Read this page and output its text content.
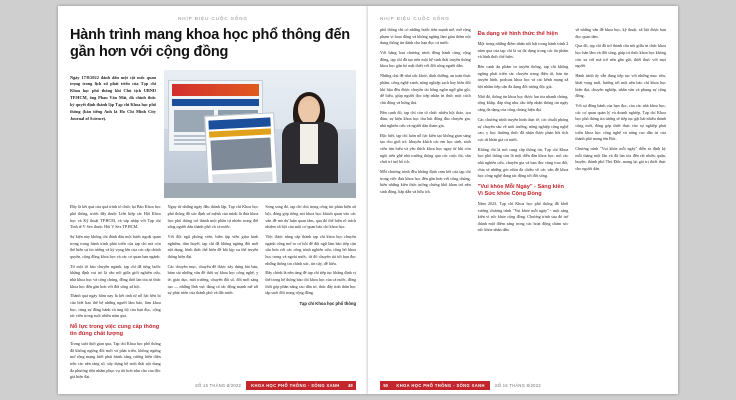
NHỊP ĐIỆU CUỘC SỐNG
Hành trình mang khoa học phổ thông đến gần hơn với cộng đồng

Ngày 17/8/2022 đánh dấu một cột mốc quan trọng trong lịch sử phát triển của Tạp chí Khoa học phổ thông khi Chủ tịch UBND TP.HCM, ông Phan Văn Mãi, đã chính thức ký quyết định thành lập Tạp chí Khoa học phổ thông (bản tiếng Anh là Ho Chi Minh City Journal of Science).

Đây là kết quả của quá trình tổ chức lại Báo Khoa học phổ thông, trước đây thuộc Liên hiệp các Hội Khoa học và Kỹ thuật TP.HCM, và sáp nhập với Tạp chí Tinh tế V Sex thuộc Hội V Sex TP.HCM.

Sự kiện này không chỉ đánh dấu một bước ngoặt quan trọng trong hành trình phát triển của tạp chí mà còn thể hiện sự tin tưởng và kỳ vọng lớn của các cấp chính quyền, cộng đồng khoa học và các cơ quan ban ngành.

Từ một tờ báo chuyên ngành, tạp chí đã từng bước khẳng định vai trò là cầu nối giữa giới nghiên cứu, nhà khoa học và công chúng, đồng thời lan tỏa tri thức khoa học đến gần hơn với đời sống xã hội.

Thành quả ngày hôm nay là kết tinh từ nỗ lực bền bỉ của biết bao thế hệ những người làm báo, làm khoa học, cùng sự đồng hành và ủng hộ của bạn đọc, cộng tác viên trong suốt nhiều năm qua.

Nỗ lực trong việc cung cấp thông tin đúng chất lượng

Trong suốt thời gian qua, Tạp chí Khoa học phổ thông đã không ngừng đổi mới và phát triển, không ngừng mở rộng mạng lưới phát hành, tăng cường hiện diện trên các nền tảng số, xây dựng hệ sinh thái nội dung đa phương tiện nhằm phục vụ tốt hơn nhu cầu của độc giả hiện đại.

Ngay từ những ngày đầu thành lập, Tạp chí Khoa học phổ thông đã xác định sứ mệnh của mình là đưa khoa học phổ thông trở thành một phần tự nhiên trong đời sống người dân thành phố và cả nước.

Với đội ngũ phóng viên, biên tập viên giàu kinh nghiệm, tâm huyết, tạp chí đã không ngừng đổi mới nội dung, hình thức thể hiện để bắt kịp xu thế truyền thông hiện đại.

Các chuyên mục, chuyên đề được xây dựng bài bản, bám sát những vấn đề thời sự khoa học công nghệ, y tế, giáo dục, môi trường, chuyển đổi số, đổi mới sáng tạo — những lĩnh vực đang có tác động mạnh mẽ tới sự phát triển của thành phố và đất nước.

Song song đó, tạp chí chú trọng công tác phản biện xã hội, đóng góp tiếng nói khoa học khách quan vào các vấn đề mà dư luận quan tâm, qua đó thể hiện rõ trách nhiệm xã hội của một cơ quan báo chí khoa học.

Việc được nâng cấp thành tạp chí khoa học chuyên ngành cũng mở ra cơ hội để đội ngũ làm báo tiếp cận sâu hơn với các công trình nghiên cứu, công bố khoa học trong và ngoài nước, từ đó chuyển tải tới bạn đọc những thông tin chính xác, tin cậy, dễ hiểu.

Đây chính là nền tảng để tạp chí tiếp tục khẳng định vị thế trong hệ thống báo chí khoa học của cả nước, đồng thời góp phần nâng cao dân trí, thúc đẩy tinh thần học tập suốt đời trong cộng đồng.

Tạp chí Khoa học phổ thông
SỐ 15 THÁNG 8/2022	KHOA HỌC PHỔ THÔNG - SỐNG XANH	49
NHỊP ĐIỆU CUỘC SỐNG

phổ thông chỉ có những bước tiến mạnh mẽ, mở rộng phạm vi hoạt động và không ngừng làm giàu thêm nội dung thông tin dành cho bạn đọc cả nước.

Với hàng loạt chương trình đồng hành cùng cộng đồng, tạp chí đã tạo nên một hệ sinh thái truyền thông khoa học gắn bó mật thiết với đời sống người dân.

Những chủ đề như sức khỏe, dinh dưỡng, an toàn thực phẩm, công nghệ xanh, nông nghiệp sạch hay biến đổi khí hậu đều được chuyển tải bằng ngôn ngữ gần gũi, dễ hiểu, giúp người đọc tiếp nhận tri thức một cách chủ động và hứng thú.

Bên cạnh đó, tạp chí còn tổ chức nhiều hội thảo, tọa đàm, sự kiện khoa học thu hút đông đảo chuyên gia, nhà nghiên cứu và người dân tham gia.

Đặc biệt, tạp chí luôn nỗ lực kiến tạo không gian sáng tạo cho giới trẻ, khuyến khích các em học sinh, sinh viên tìm hiểu và yêu thích khoa học ngay từ khi còn ngồi trên ghế nhà trường thông qua các cuộc thi, sân chơi trí tuệ bổ ích.

Mỗi chương trình đều khẳng định cam kết của tạp chí trong việc đưa khoa học đến gần hơn với công chúng, biến những kiến thức tưởng chừng khô khan trở nên sinh động, hấp dẫn và hữu ích.

Đa dạng về hình thức thể hiện

Một trong những điểm nhấn nổi bật trong hành trình 2 năm qua của tạp chí là sự đa dạng trong các ấn phẩm và hình thức thể hiện.

Bên cạnh ấn phẩm in truyền thống, tạp chí không ngừng phát triển các chuyên trang điện tử, bản tin truyền hình, podcast khoa học và các kênh mạng xã hội nhằm tiếp cận đa dạng đối tượng độc giả.

Nhờ đó, thông tin khoa học được lan tỏa nhanh chóng, rộng khắp, đáp ứng nhu cầu tiếp nhận thông tin ngày càng đa dạng của công chúng hiện đại.

Các chương trình truyền hình thực tế, các chuỗi phóng sự chuyên sâu về môi trường, nông nghiệp công nghệ cao, y học thường thức đã nhận được phản hồi tích cực từ khán giả cả nước.

Không chỉ là nơi cung cấp thông tin, Tạp chí Khoa học phổ thông còn là một diễn đàn khoa học, nơi các nhà nghiên cứu, chuyên gia và bạn đọc cùng trao đổi, chia sẻ những góc nhìn đa chiều về các vấn đề khoa học công nghệ đang tác động tới đời sống.

"Vui khỏe Mỗi Ngày" - Sáng kiến Vì Sức khỏe Cộng Đồng

Năm 2023, Tạp chí Khoa học phổ thông đã khởi xướng chương trình "Vui khỏe mỗi ngày" - một sáng kiến vì sức khỏe cộng đồng. Chương trình sau đó trở thành một điểm sáng trong các hoạt động chăm sóc sức khỏe nhân dân.

về những vấn đề khoa học, kỹ thuật, xã hội được bạn đọc quan tâm.

Qua đó, tạp chí đã trở thành cầu nối giữa tri thức khoa học hàn lâm và đời sống, giúp tri thức khoa học không còn xa vời mà trở nên gần gũi, thiết thực với mọi người.

Hành trình ấy vẫn đang tiếp tục với những mục tiêu, khát vọng mới, hướng tới một nền báo chí khoa học hiện đại, chuyên nghiệp, nhân văn và phụng sự cộng đồng.

Với sự đồng hành của bạn đọc, của các nhà khoa học, các cơ quan quản lý và doanh nghiệp, Tạp chí Khoa học phổ thông tin tưởng sẽ tiếp tục gặt hái nhiều thành công mới, đóng góp thiết thực vào sự nghiệp phát triển khoa học công nghệ và nâng cao dân trí của thành phố mang tên Bác.

Chương trình "Vui khỏe mỗi ngày" diễn ra định kỳ mỗi tháng một lần và đã lan tỏa đến rất nhiều quận, huyện, thành phố Thủ Đức, mang lại giá trị thiết thực cho người dân.

50	KHOA HỌC PHỔ THÔNG - SỐNG XANH	SỐ 15 THÁNG 8/2022
